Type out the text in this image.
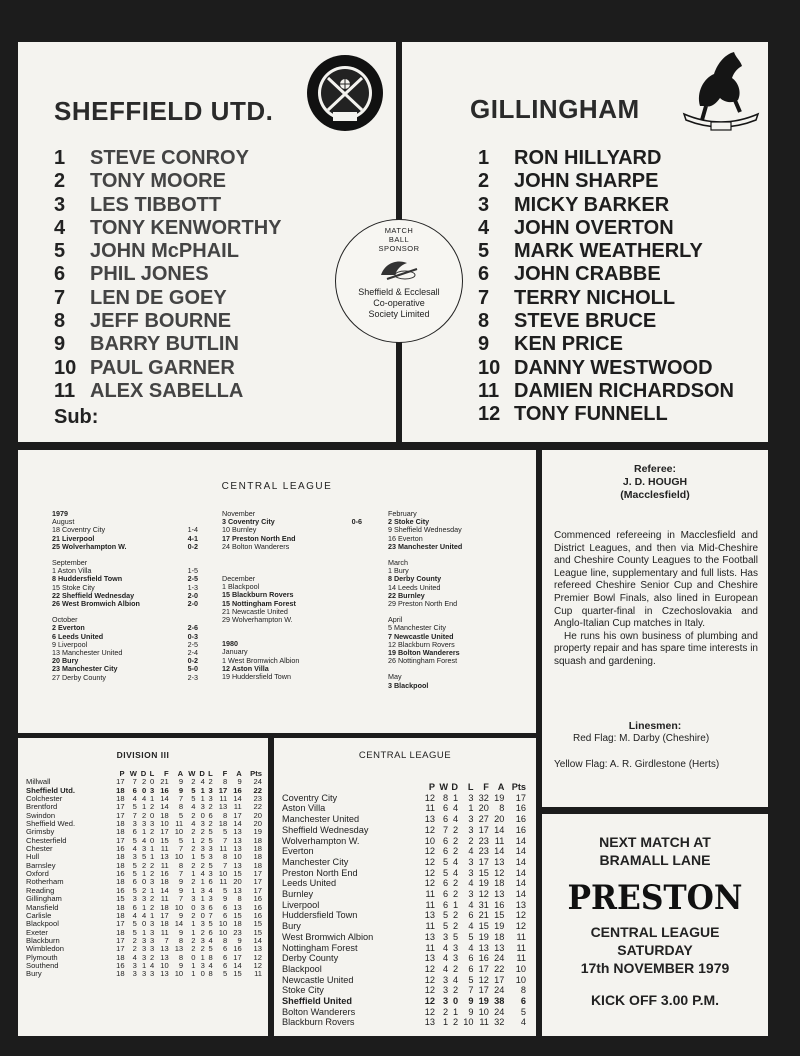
SHEFFIELD UTD.
1	STEVE CONROY
2	TONY MOORE
3	LES TIBBOTT
4	TONY KENWORTHY
5	JOHN McPHAIL
6	PHIL JONES
7	LEN DE GOEY
8	JEFF BOURNE
9	BARRY BUTLIN
10 PAUL GARNER
11 ALEX SABELLA
Sub:
GILLINGHAM
1	RON HILLYARD
2	JOHN SHARPE
3	MICKY BARKER
4	JOHN OVERTON
5	MARK WEATHERLY
6	JOHN CRABBE
7	TERRY NICHOLL
8	STEVE BRUCE
9	KEN PRICE
10 DANNY WESTWOOD
11 DAMIEN RICHARDSON
12 TONY FUNNELL
MATCH
BALL
SPONSOR
Sheffield & Ecclesall
Co-operative
Society Limited
CENTRAL LEAGUE
1979
August
18 Coventry City	1-4
21 Liverpool	4-1
25 Wolverhampton W.	0-2
September
1 Aston Villa	1-5
8 Huddersfield Town	2-5
15 Stoke City	1-3
22 Sheffield Wednesday	2-0
26 West Bromwich Albion	2-0
October
2 Everton	2-6
6 Leeds United	0-3
9 Liverpool	2-5
13 Manchester United	2-4
20 Bury	0-2
23 Manchester City	5-0
27 Derby County	2-3
November
3 Coventry City	0-6
10 Burnley
17 Preston North End
24 Bolton Wanderers
December
1 Blackpool
15 Blackburn Rovers
15 Nottingham Forest
21 Newcastle United
29 Wolverhampton W.
1980
January
1 West Bromwich Albion
12 Aston Villa
19 Huddersfield Town
February
2 Stoke City
9 Sheffield Wednesday
16 Everton
23 Manchester United
March
1 Bury
8 Derby County
14 Leeds United
22 Burnley
29 Preston North End
April
5 Manchester City
7 Newcastle United
12 Blackburn Rovers
19 Bolton Wanderers
26 Nottingham Forest
May
3 Blackpool
Referee:
J. D. HOUGH
(Macclesfield)

Commenced refereeing in Macclesfield and District Leagues, and then via Mid-Cheshire and Cheshire County Leagues to the Football League line, supplementary and full lists. Has refereed Cheshire Senior Cup and Cheshire Premier Bowl Finals, also lined in European Cup quarter-final in Czechoslovakia and Anglo-Italian Cup matches in Italy.

He runs his own business of plumbing and property repair and has spare time interests in squash and gardening.

Linesmen:
Red Flag: M. Darby (Cheshire)
Yellow Flag: A. R. Girdlestone (Herts)
DIVISION III
	P	W	D	L	F	A	W	D	L	F	A	Pts
Millwall	17	7	2	0	21	9	2	4	2	8	9	24
Sheffield Utd.	18	6	0	3	16	9	5	1	3	17	16	22
Colchester	18	4	4	1	14	7	5	1	3	11	14	23
Brentford	17	5	1	2	14	8	4	3	2	13	11	22
Swindon	17	7	2	0	18	5	2	0	6	8	17	20
Sheffield Wed.	18	3	3	3	10	11	4	3	2	18	14	20
Grimsby	18	6	1	2	17	10	2	2	5	5	13	19
Chesterfield	17	5	4	0	15	5	1	2	5	7	13	18
Chester	16	4	3	1	11	7	2	3	3	11	13	18
Hull	18	3	5	1	13	10	1	5	3	8	10	18
Barnsley	18	5	2	2	11	8	2	2	5	7	13	18
Oxford	16	5	1	2	16	7	1	4	3	10	15	17
Rotherham	18	6	0	3	18	9	2	1	6	11	20	17
Reading	16	5	2	1	14	9	1	3	4	5	13	17
Gillingham	15	3	3	2	11	7	3	1	3	9	8	16
Mansfield	18	6	1	2	18	10	0	3	6	6	13	16
Carlisle	18	4	4	1	17	9	2	0	7	6	15	16
Blackpool	17	5	0	3	18	14	1	3	5	10	18	15
Exeter	18	5	1	3	11	9	1	2	6	10	23	15
Blackburn	17	2	3	3	7	8	2	3	4	8	9	14
Wimbledon	17	2	3	3	13	13	2	2	5	6	16	13
Plymouth	18	4	3	2	13	8	0	1	8	6	17	12
Southend	16	3	1	4	10	9	1	3	4	6	14	12
Bury	18	3	3	3	13	10	1	0	8	5	15	11
CENTRAL LEAGUE
	P	W	D	L	F	A	Pts
Coventry City	12	8	1	3	32	19	17
Aston Villa	11	6	4	1	20	8	16
Manchester United	13	6	4	3	27	20	16
Sheffield Wednesday	12	7	2	3	17	14	16
Wolverhampton W.	10	6	2	2	23	11	14
Everton	12	6	2	4	23	14	14
Manchester City	12	5	4	3	17	13	14
Preston North End	12	5	4	3	15	12	14
Leeds United	12	6	2	4	19	18	14
Burnley	11	6	2	3	12	13	14
Liverpool	11	6	1	4	31	16	13
Huddersfield Town	13	5	2	6	21	15	12
Bury	11	5	2	4	15	19	12
West Bromwich Albion	13	3	5	5	19	18	11
Nottingham Forest	11	4	3	4	13	13	11
Derby County	13	4	3	6	16	24	11
Blackpool	12	4	2	6	17	22	10
Newcastle United	12	3	4	5	12	17	10
Stoke City	12	3	2	7	17	24	8
Sheffield United	12	3	0	9	19	38	6
Bolton Wanderers	12	2	1	9	10	24	5
Blackburn Rovers	13	1	2	10	11	32	4
NEXT MATCH AT
BRAMALL LANE
PRESTON
CENTRAL LEAGUE
SATURDAY
17th NOVEMBER 1979
KICK OFF 3.00 P.M.
